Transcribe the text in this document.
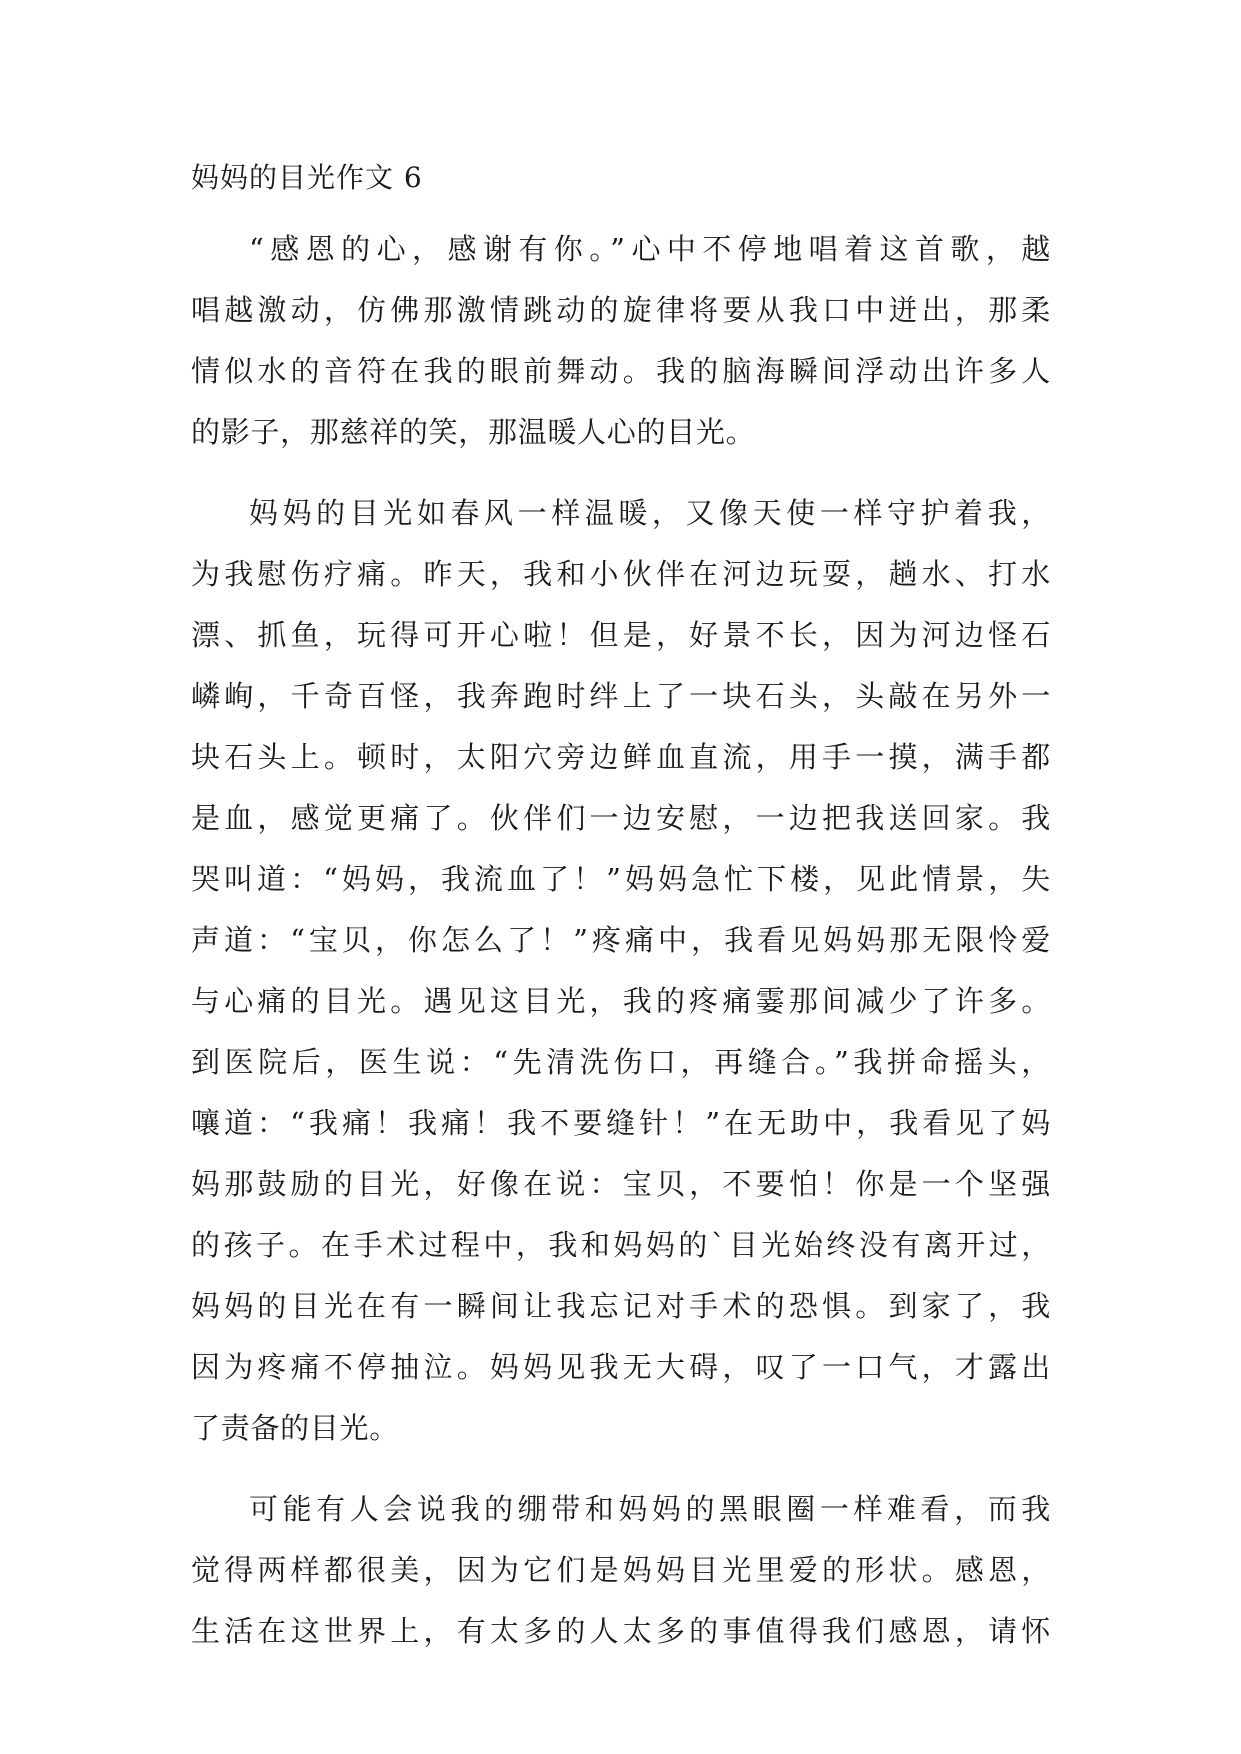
妈妈的目光作文 6
“感恩的心，感谢有你。”心中不停地唱着这首歌，越
唱越激动，仿佛那激情跳动的旋律将要从我口中迸出，那柔
情似水的音符在我的眼前舞动。我的脑海瞬间浮动出许多人
的影子，那慈祥的笑，那温暖人心的目光。
妈妈的目光如春风一样温暖，又像天使一样守护着我，
为我慰伤疗痛。昨天，我和小伙伴在河边玩耍，趟水、打水
漂、抓鱼，玩得可开心啦！但是，好景不长，因为河边怪石
嶙峋，千奇百怪，我奔跑时绊上了一块石头，头敲在另外一
块石头上。顿时，太阳穴旁边鲜血直流，用手一摸，满手都
是血，感觉更痛了。伙伴们一边安慰，一边把我送回家。我
哭叫道：“妈妈，我流血了！”妈妈急忙下楼，见此情景，失
声道：“宝贝，你怎么了！”疼痛中，我看见妈妈那无限怜爱
与心痛的目光。遇见这目光，我的疼痛霎那间减少了许多。
到医院后，医生说：“先清洗伤口，再缝合。”我拼命摇头，
嚷道：“我痛！我痛！我不要缝针！”在无助中，我看见了妈
妈那鼓励的目光，好像在说：宝贝，不要怕！你是一个坚强
的孩子。在手术过程中，我和妈妈的`目光始终没有离开过，
妈妈的目光在有一瞬间让我忘记对手术的恐惧。到家了，我
因为疼痛不停抽泣。妈妈见我无大碍，叹了一口气，才露出
了责备的目光。
可能有人会说我的绷带和妈妈的黑眼圈一样难看，而我
觉得两样都很美，因为它们是妈妈目光里爱的形状。感恩，
生活在这世界上，有太多的人太多的事值得我们感恩，请怀
